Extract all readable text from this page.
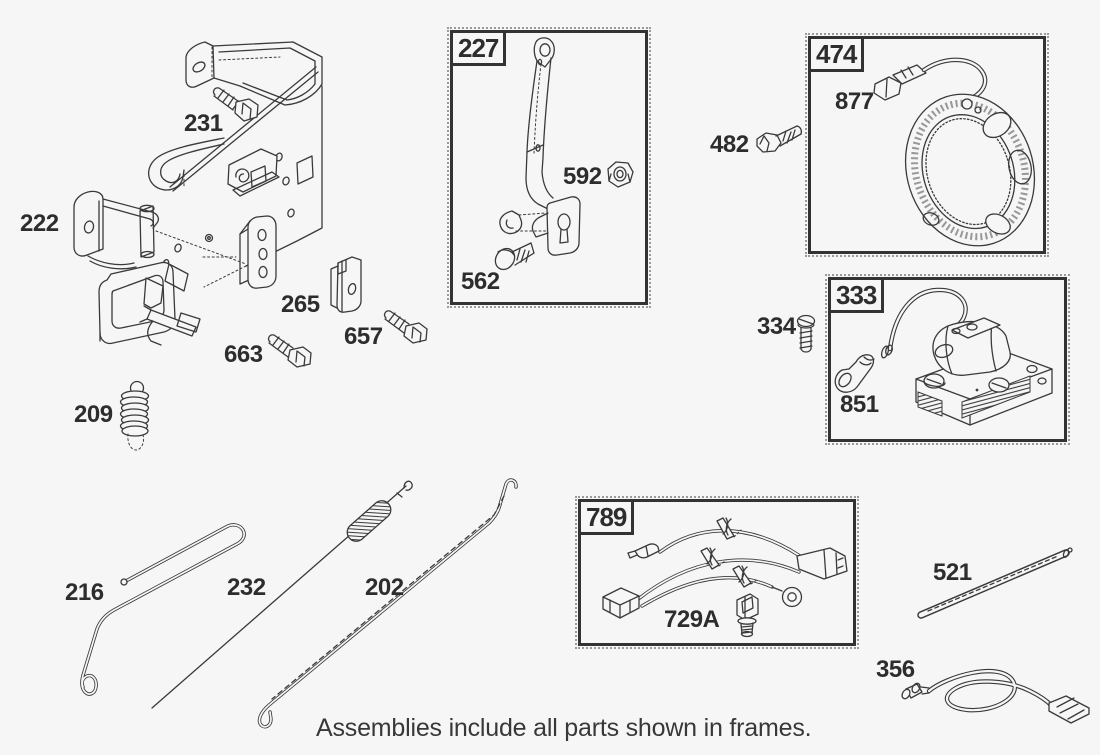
227	474
333
789
222
231
562
592
482
877
334
851
265
657
663
209
216	232	202
729A
521
356
Assemblies include all parts shown in frames.
